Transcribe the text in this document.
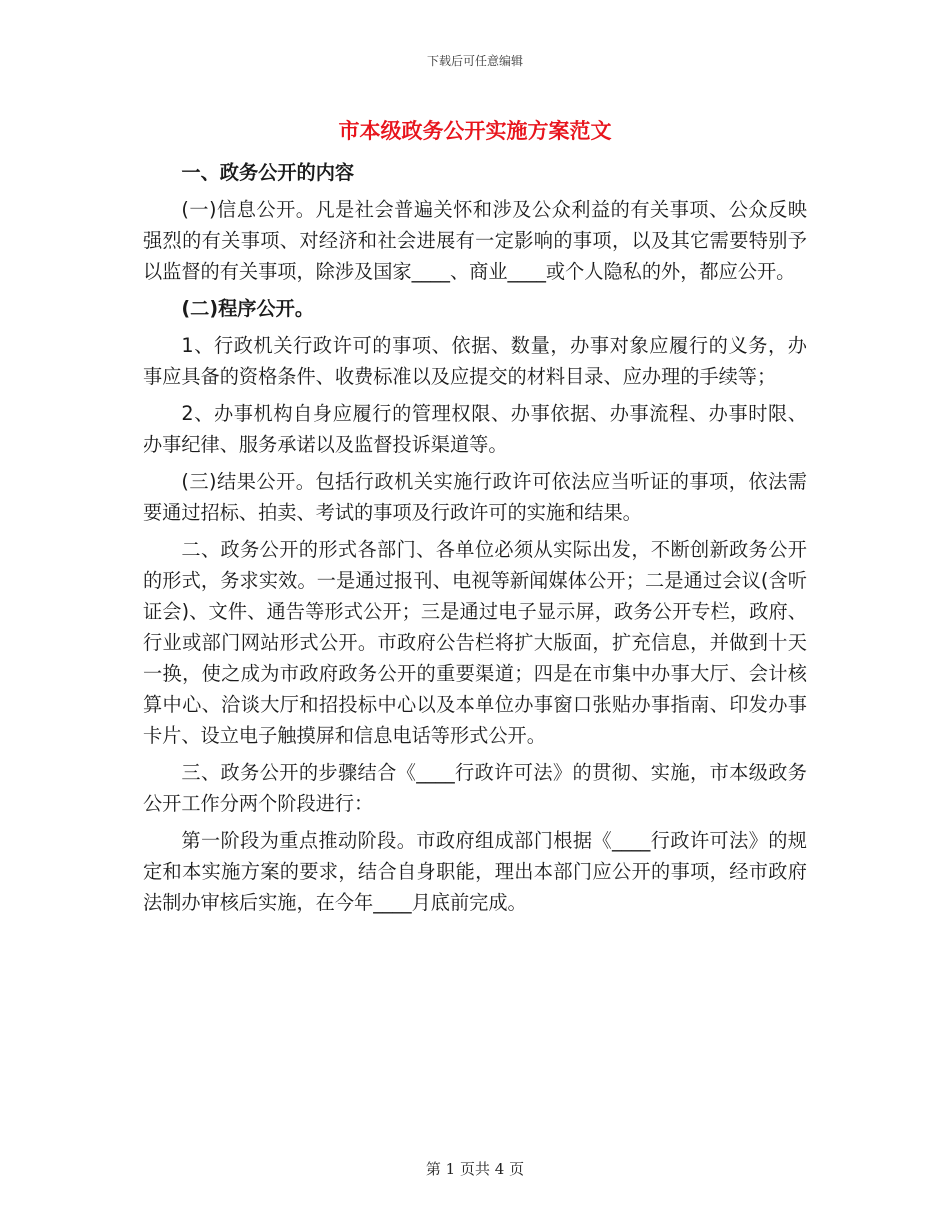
下载后可任意编辑
市本级政务公开实施方案范文

一、政务公开的内容

(一)信息公开。凡是社会普遍关怀和涉及公众利益的有关事项、公众反映强烈的有关事项、对经济和社会进展有一定影响的事项，以及其它需要特别予以监督的有关事项，除涉及国家____、商业____或个人隐私的外，都应公开。

(二)程序公开。

1、行政机关行政许可的事项、依据、数量，办事对象应履行的义务，办事应具备的资格条件、收费标准以及应提交的材料目录、应办理的手续等；

2、办事机构自身应履行的管理权限、办事依据、办事流程、办事时限、办事纪律、服务承诺以及监督投诉渠道等。

(三)结果公开。包括行政机关实施行政许可依法应当听证的事项，依法需要通过招标、拍卖、考试的事项及行政许可的实施和结果。

二、政务公开的形式各部门、各单位必须从实际出发，不断创新政务公开的形式，务求实效。一是通过报刊、电视等新闻媒体公开；二是通过会议(含听证会)、文件、通告等形式公开；三是通过电子显示屏，政务公开专栏，政府、行业或部门网站形式公开。市政府公告栏将扩大版面，扩充信息，并做到十天一换，使之成为市政府政务公开的重要渠道；四是在市集中办事大厅、会计核算中心、洽谈大厅和招投标中心以及本单位办事窗口张贴办事指南、印发办事卡片、设立电子触摸屏和信息电话等形式公开。

三、政务公开的步骤结合《____行政许可法》的贯彻、实施，市本级政务公开工作分两个阶段进行：

第一阶段为重点推动阶段。市政府组成部门根据《____行政许可法》的规定和本实施方案的要求，结合自身职能，理出本部门应公开的事项，经市政府法制办审核后实施，在今年____月底前完成。

第 1 页共 4 页
